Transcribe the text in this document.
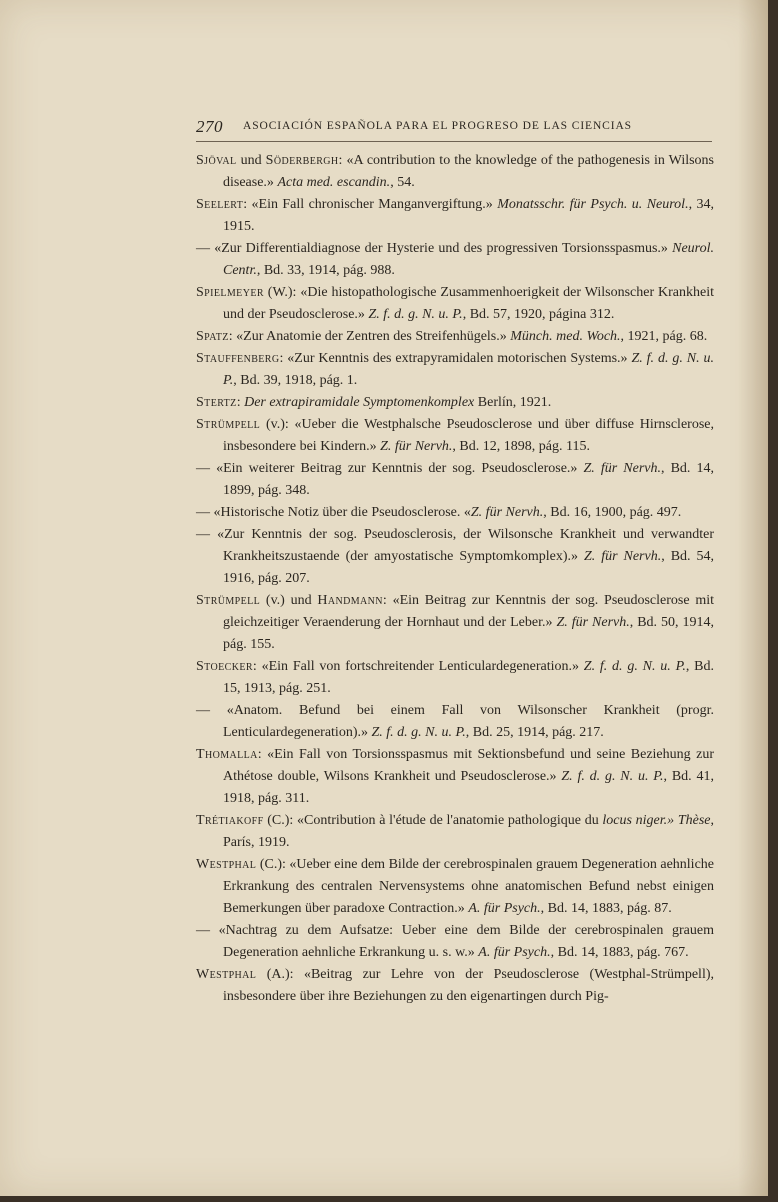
270 ASOCIACIÓN ESPAÑOLA PARA EL PROGRESO DE LAS CIENCIAS

Sjöval und Söderbergh: «A contribution to the knowledge of the pathogenesis in Wilsons disease.» Acta med. escandin., 54.

Seelert: «Ein Fall chronischer Manganvergiftung.» Monatsschr. für Psych. u. Neurol., 34, 1915.

— «Zur Differentialdiagnose der Hysterie und des progressiven Torsionsspasmus.» Neurol. Centr., Bd. 33, 1914, pág. 988.

Spielmeyer (W.): «Die histopathologische Zusammenhoerigkeit der Wilsonscher Krankheit und der Pseudosclerose.» Z. f. d. g. N. u. P., Bd. 57, 1920, página 312.

Spatz: «Zur Anatomie der Zentren des Streifenhügels.» Münch. med. Woch., 1921, pág. 68.

Stauffenberg: «Zur Kenntnis des extrapyramidalen motorischen Systems.» Z. f. d. g. N. u. P., Bd. 39, 1918, pág. 1.

Stertz: Der extrapiramidale Symptomenkomplex Berlín, 1921.

Strümpell (v.): «Ueber die Westphalsche Pseudosclerose und über diffuse Hirnsclerose, insbesondere bei Kindern.» Z. für Nervh., Bd. 12, 1898, pág. 115.

— «Ein weiterer Beitrag zur Kenntnis der sog. Pseudosclerose.» Z. für Nervh., Bd. 14, 1899, pág. 348.

— «Historische Notiz über die Pseudosclerose. «Z. für Nervh., Bd. 16, 1900, pág. 497.

— «Zur Kenntnis der sog. Pseudosclerosis, der Wilsonsche Krankheit und verwandter Krankheitszustaende (der amyostatische Symptomkomplex).» Z. für Nervh., Bd. 54, 1916, pág. 207.

Strümpell (v.) und Handmann: «Ein Beitrag zur Kenntnis der sog. Pseudosclerose mit gleichzeitiger Veraenderung der Hornhaut und der Leber.» Z. für Nervh., Bd. 50, 1914, pág. 155.

Stoecker: «Ein Fall von fortschreitender Lenticulardegeneration.» Z. f. d. g. N. u. P., Bd. 15, 1913, pág. 251.

— «Anatom. Befund bei einem Fall von Wilsonscher Krankheit (progr. Lenticulardegeneration).» Z. f. d. g. N. u. P., Bd. 25, 1914, pág. 217.

Thomalla: «Ein Fall von Torsionsspasmus mit Sektionsbefund und seine Beziehung zur Athétose double, Wilsons Krankheit und Pseudosclerose.» Z. f. d. g. N. u. P., Bd. 41, 1918, pág. 311.

Trétiakoff (C.): «Contribution à l'étude de l'anatomie pathologique du locus niger.» Thèse, París, 1919.

Westphal (C.): «Ueber eine dem Bilde der cerebrospinalen grauem Degeneration aehnliche Erkrankung des centralen Nervensystems ohne anatomischen Befund nebst einigen Bemerkungen über paradoxe Contraction.» A. für Psych., Bd. 14, 1883, pág. 87.

— «Nachtrag zu dem Aufsatze: Ueber eine dem Bilde der cerebrospinalen grauem Degeneration aehnliche Erkrankung u. s. w.» A. für Psych., Bd. 14, 1883, pág. 767.

Westphal (A.): «Beitrag zur Lehre von der Pseudosclerose (Westphal-Strümpell), insbesondere über ihre Beziehungen zu den eigenartingen durch Pig-
